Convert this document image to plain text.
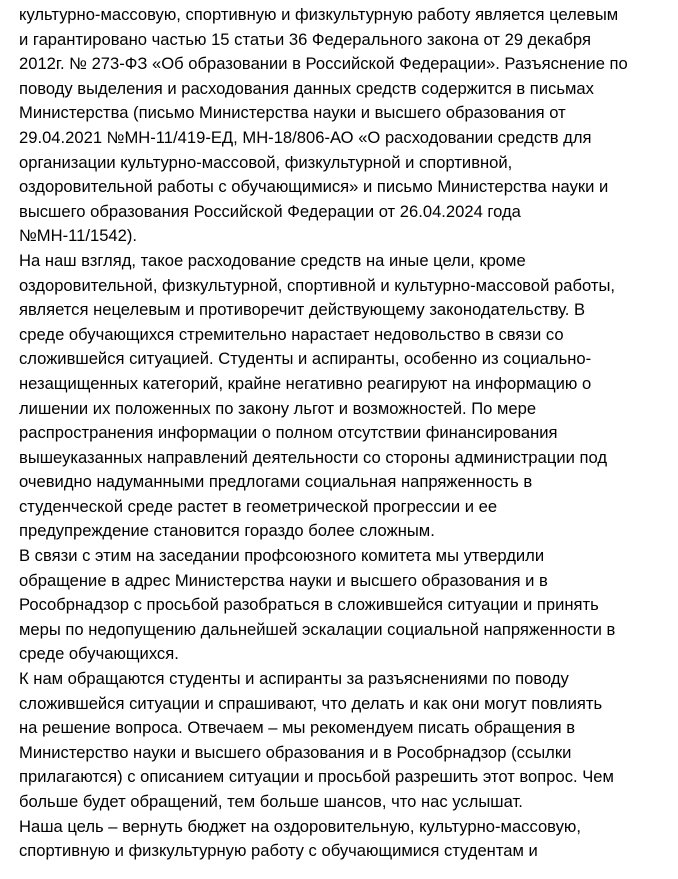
культурно-массовую, спортивную и физкультурную работу является целевым
и гарантировано частью 15 статьи 36 Федерального закона от 29 декабря
2012г. № 273-ФЗ «Об образовании в Российской Федерации». Разъяснение по
поводу выделения и расходования данных средств содержится в письмах
Министерства (письмо Министерства науки и высшего образования от
29.04.2021 №МН-11/419-ЕД, МН-18/806-АО «О расходовании средств для
организации культурно-массовой, физкультурной и спортивной,
оздоровительной работы с обучающимися» и письмо Министерства науки и
высшего образования Российской Федерации от 26.04.2024 года
№МН-11/1542).
На наш взгляд, такое расходование средств на иные цели, кроме
оздоровительной, физкультурной, спортивной и культурно-массовой работы,
является нецелевым и противоречит действующему законодательству. В
среде обучающихся стремительно нарастает недовольство в связи со
сложившейся ситуацией. Студенты и аспиранты, особенно из социально-
незащищенных категорий, крайне негативно реагируют на информацию о
лишении их положенных по закону льгот и возможностей. По мере
распространения информации о полном отсутствии финансирования
вышеуказанных направлений деятельности со стороны администрации под
очевидно надуманными предлогами социальная напряженность в
студенческой среде растет в геометрической прогрессии и ее
предупреждение становится гораздо более сложным.
В связи с этим на заседании профсоюзного комитета мы утвердили
обращение в адрес Министерства науки и высшего образования и в
Рособрнадзор с просьбой разобраться в сложившейся ситуации и принять
меры по недопущению дальнейшей эскалации социальной напряженности в
среде обучающихся.
К нам обращаются студенты и аспиранты за разъяснениями по поводу
сложившейся ситуации и спрашивают, что делать и как они могут повлиять
на решение вопроса. Отвечаем – мы рекомендуем писать обращения в
Министерство науки и высшего образования и в Рособрнадзор (ссылки
прилагаются) с описанием ситуации и просьбой разрешить этот вопрос. Чем
больше будет обращений, тем больше шансов, что нас услышат.
Наша цель – вернуть бюджет на оздоровительную, культурно-массовую,
спортивную и физкультурную работу с обучающимися студентам и
